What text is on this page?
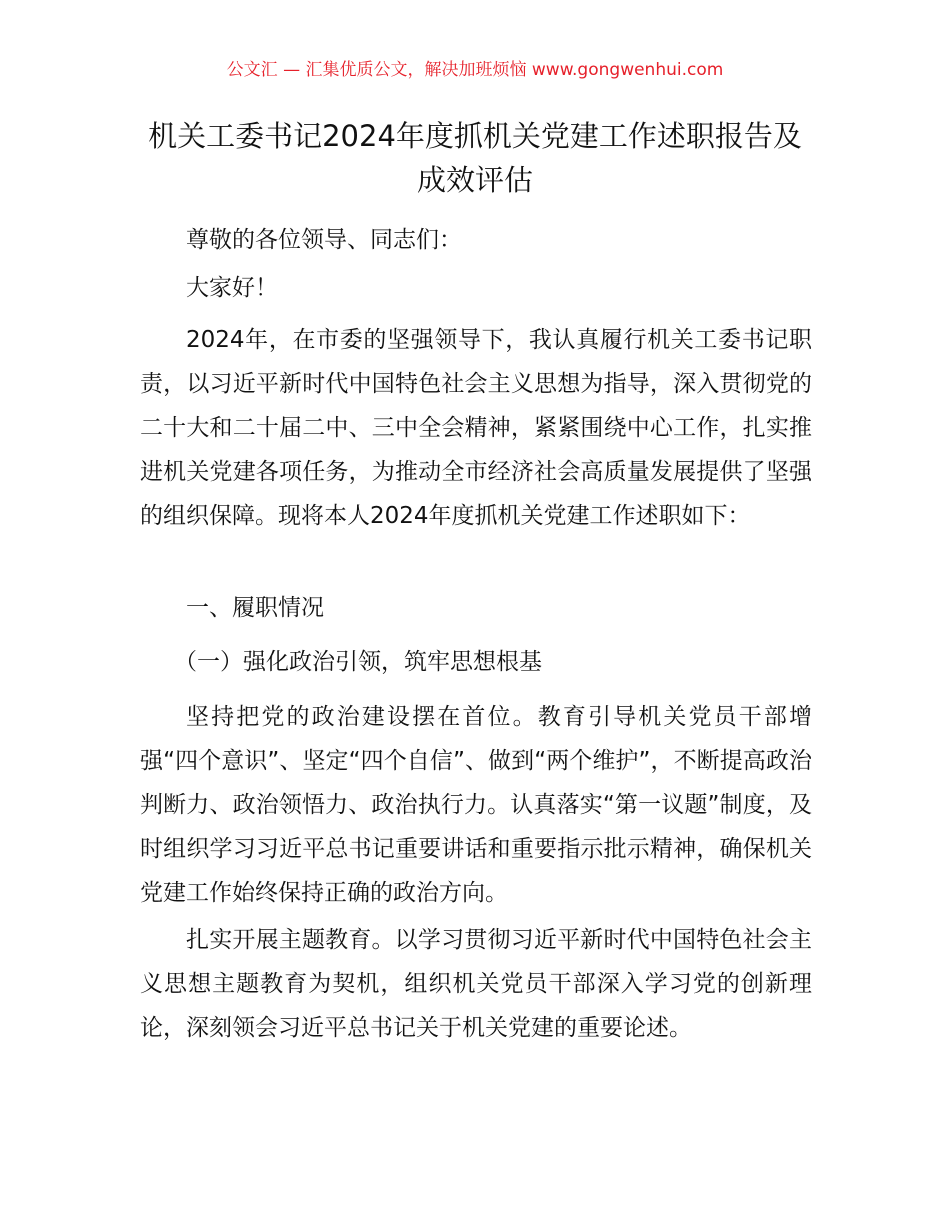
公文汇 — 汇集优质公文，解决加班烦恼 www.gongwenhui.com
机关工委书记2024年度抓机关党建工作述职报告及成效评估

尊敬的各位领导、同志们：

大家好！

2024年，在市委的坚强领导下，我认真履行机关工委书记职责，以习近平新时代中国特色社会主义思想为指导，深入贯彻党的二十大和二十届二中、三中全会精神，紧紧围绕中心工作，扎实推进机关党建各项任务，为推动全市经济社会高质量发展提供了坚强的组织保障。现将本人2024年度抓机关党建工作述职如下：

一、履职情况

（一）强化政治引领，筑牢思想根基

坚持把党的政治建设摆在首位。教育引导机关党员干部增强“四个意识”、坚定“四个自信”、做到“两个维护”，不断提高政治判断力、政治领悟力、政治执行力。认真落实“第一议题”制度，及时组织学习习近平总书记重要讲话和重要指示批示精神，确保机关党建工作始终保持正确的政治方向。

扎实开展主题教育。以学习贯彻习近平新时代中国特色社会主义思想主题教育为契机，组织机关党员干部深入学习党的创新理论，深刻领会习近平总书记关于机关党建的重要论述。
